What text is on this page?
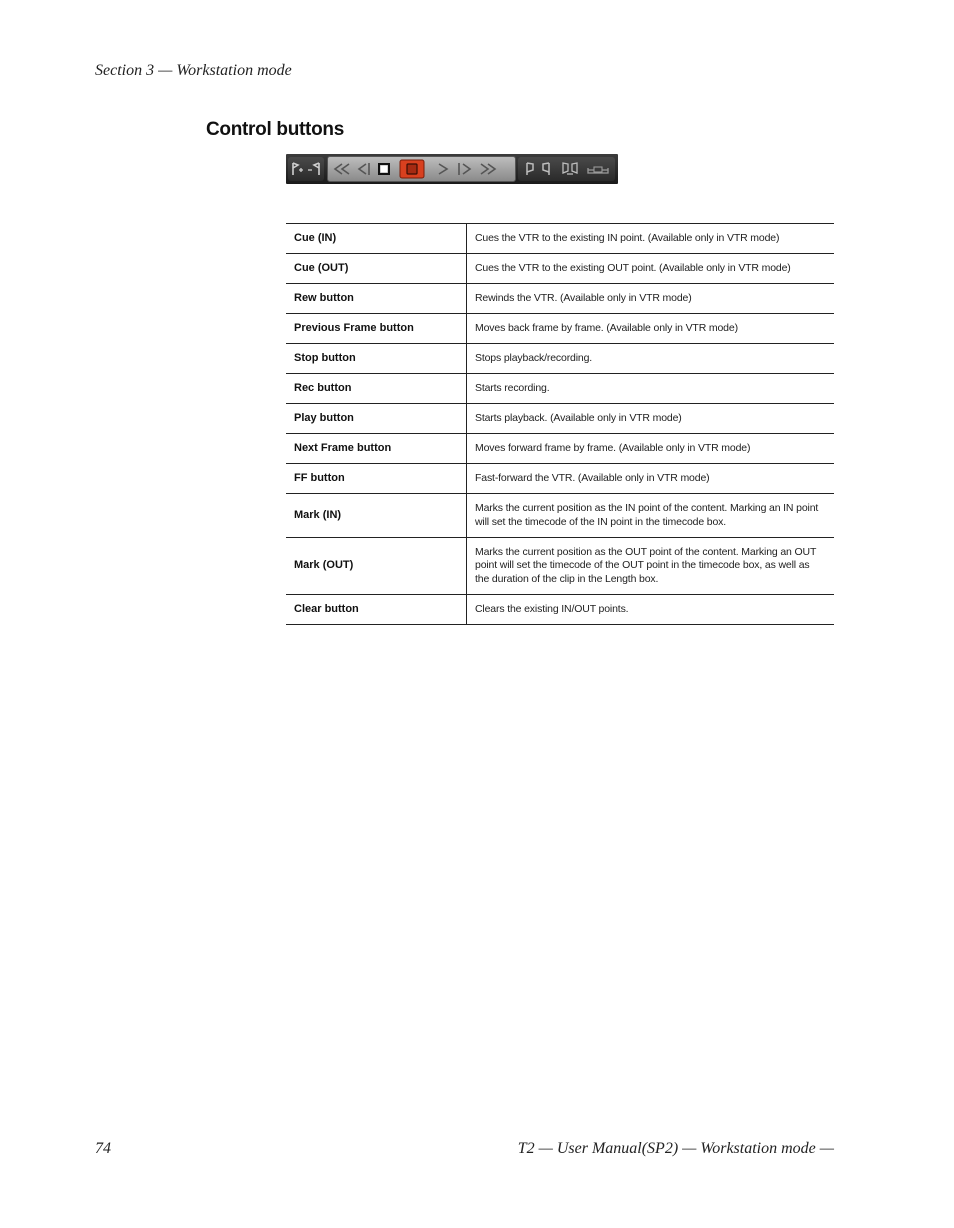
Section 3 — Workstation mode
Control buttons
Cue (IN)	Cues the VTR to the existing IN point. (Available only in VTR mode)
Cue (OUT)	Cues the VTR to the existing OUT point. (Available only in VTR mode)
Rew button	Rewinds the VTR. (Available only in VTR mode)
Previous Frame button	Moves back frame by frame. (Available only in VTR mode)
Stop button	Stops playback/recording.
Rec button	Starts recording.
Play button	Starts playback. (Available only in VTR mode)
Next Frame button	Moves forward frame by frame. (Available only in VTR mode)
FF button	Fast-forward the VTR. (Available only in VTR mode)
Mark (IN)	Marks the current position as the IN point of the content. Marking an IN point will set the timecode of the IN point in the timecode box.
Mark (OUT)	Marks the current position as the OUT point of the content. Marking an OUT point will set the timecode of the OUT point in the timecode box, as well as the duration of the clip in the Length box.
Clear button	Clears the existing IN/OUT points.
74	T2 — User Manual(SP2) — Workstation mode —
